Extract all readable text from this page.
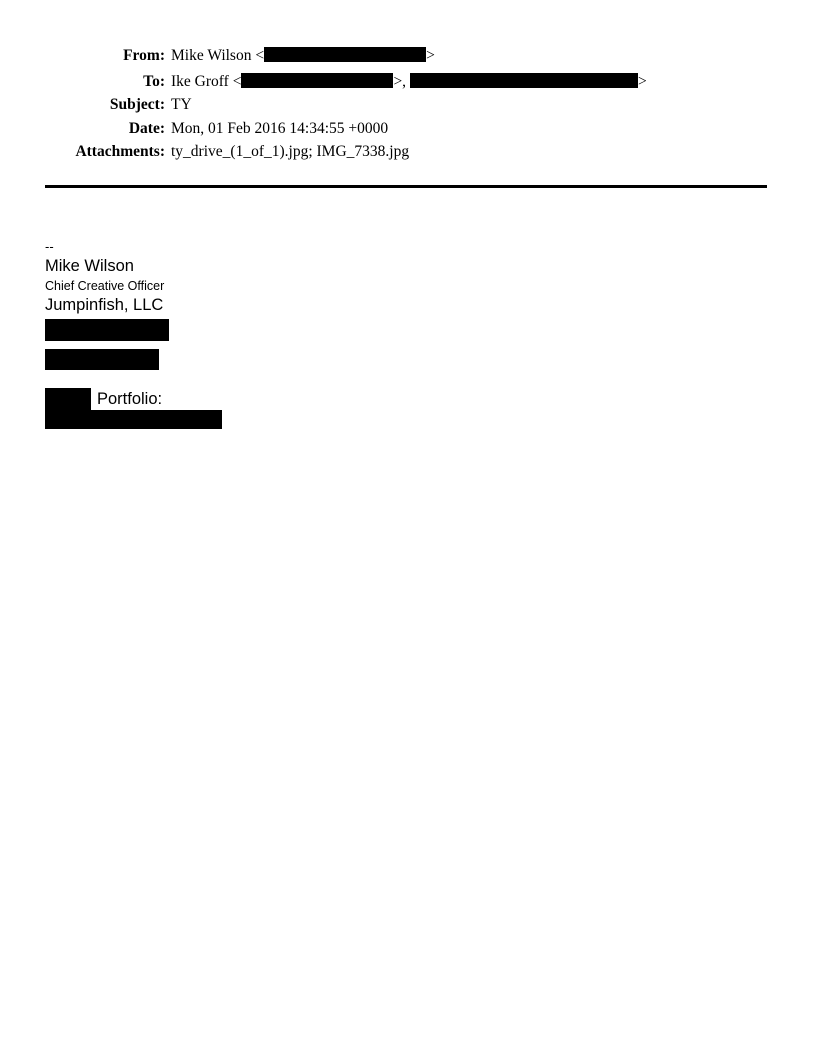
From: Mike Wilson <	>
To: Ike Groff <	>,	>
Subject: TY
Date: Mon, 01 Feb 2016 14:34:55 +0000
Attachments: ty_drive_(1_of_1).jpg; IMG_7338.jpg
--
Mike Wilson
Chief Creative Officer
Jumpinfish, LLC
Portfolio:
